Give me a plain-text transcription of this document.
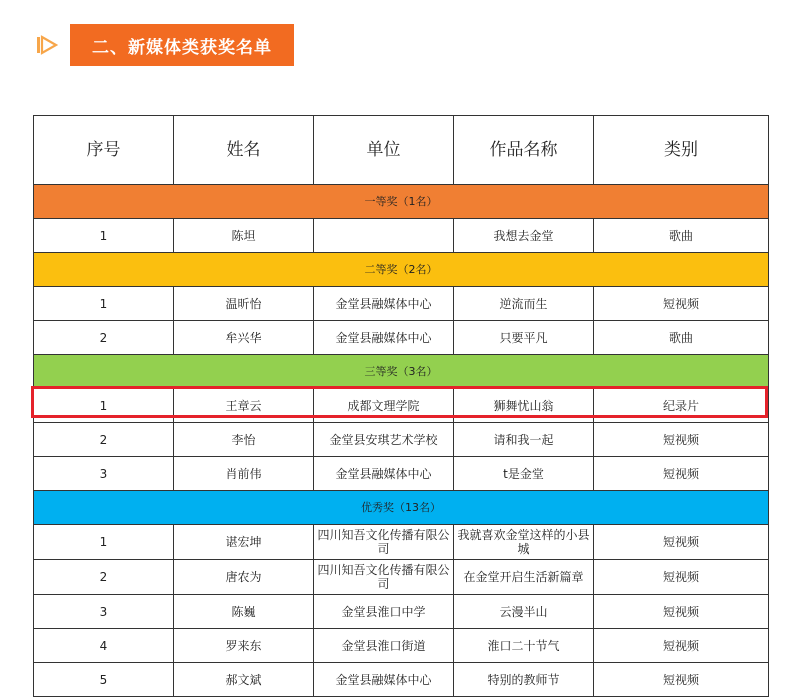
二、新媒体类获奖名单
序号	姓名	单位	作品名称	类别
一等奖（1名）				
1	陈坦		我想去金堂	歌曲
二等奖（2名）				
1	温昕怡	金堂县融媒体中心	逆流而生	短视频
2	牟兴华	金堂县融媒体中心	只要平凡	歌曲
三等奖（3名）				
1	王章云	成都文理学院	狮舞忧山翁	纪录片
2	李怡	金堂县安琪艺术学校	请和我一起	短视频
3	肖前伟	金堂县融媒体中心	t是金堂	短视频
优秀奖（13名）				
1	谌宏坤	四川知吾文化传播有限公司	我就喜欢金堂这样的小县城	短视频
2	唐农为	四川知吾文化传播有限公司	在金堂开启生活新篇章	短视频
3	陈巍	金堂县淮口中学	云漫半山	短视频
4	罗来东	金堂县淮口街道	淮口二十节气	短视频
5	郝文斌	金堂县融媒体中心	特别的教师节	短视频
